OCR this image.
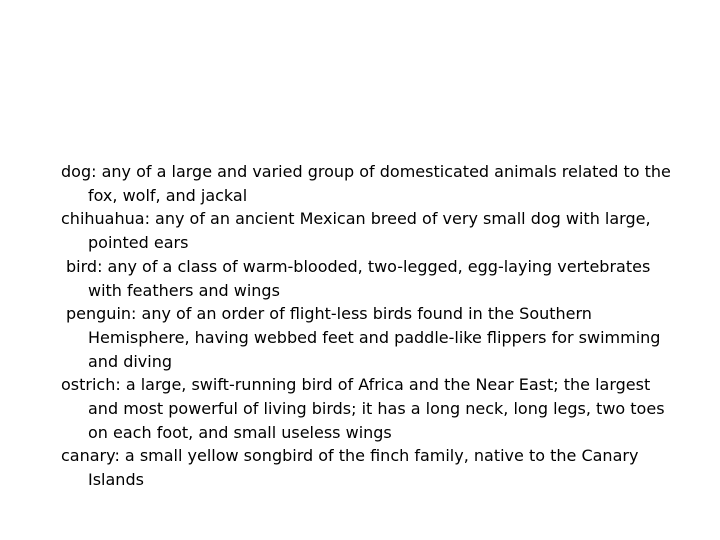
dog: any of a large and varied group of domesticated animals related to the fox, wolf, and jackal
chihuahua: any of an ancient Mexican breed of very small dog with large, pointed ears
bird: any of a class of warm-blooded, two-legged, egg-laying vertebrates with feathers and wings
penguin: any of an order of flight-less birds found in the Southern Hemisphere, having webbed feet and paddle-like flippers for swimming and diving
ostrich: a large, swift-running bird of Africa and the Near East; the largest and most powerful of living birds; it has a long neck, long legs, two toes on each foot, and small useless wings
canary: a small yellow songbird of the finch family, native to the Canary Islands
